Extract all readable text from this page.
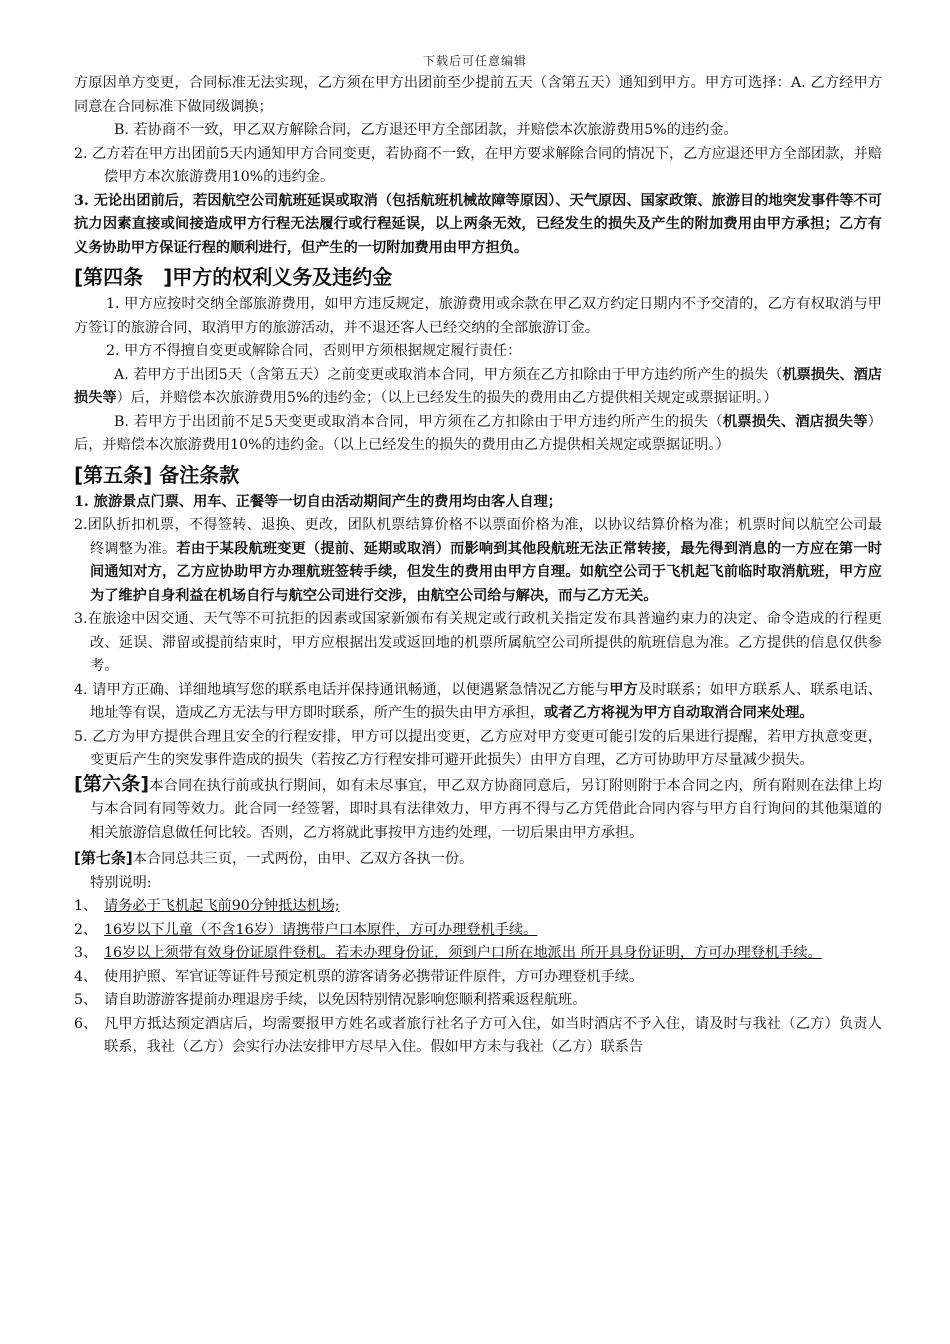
下载后可任意编辑

方原因单方变更，合同标准无法实现，乙方须在甲方出团前至少提前五天（含第五天）通知到甲方。甲方可选择：A. 乙方经甲方同意在合同标准下做同级调换；

B. 若协商不一致，甲乙双方解除合同，乙方退还甲方全部团款，并赔偿本次旅游费用5%的违约金。

2. 乙方若在甲方出团前5天内通知甲方合同变更，若协商不一致，在甲方要求解除合同的情况下，乙方应退还甲方全部团款，并赔偿甲方本次旅游费用10%的违约金。

3. 无论出团前后，若因航空公司航班延误或取消（包括航班机械故障等原因）、天气原因、国家政策、旅游目的地突发事件等不可抗力因素直接或间接造成甲方行程无法履行或行程延误，以上两条无效，已经发生的损失及产生的附加费用由甲方承担；乙方有义务协助甲方保证行程的顺利进行，但产生的一切附加费用由甲方担负。

[第四条　]甲方的权利义务及违约金

1. 甲方应按时交纳全部旅游费用，如甲方违反规定，旅游费用或余款在甲乙双方约定日期内不予交清的，乙方有权取消与甲方签订的旅游合同，取消甲方的旅游活动，并不退还客人已经交纳的全部旅游订金。

2. 甲方不得擅自变更或解除合同，否则甲方须根据规定履行责任：

A. 若甲方于出团5天（含第五天）之前变更或取消本合同，甲方须在乙方扣除由于甲方违约所产生的损失（机票损失、酒店损失等）后，并赔偿本次旅游费用5%的违约金；（以上已经发生的损失的费用由乙方提供相关规定或票据证明。）

B. 若甲方于出团前不足5天变更或取消本合同，甲方须在乙方扣除由于甲方违约所产生的损失（机票损失、酒店损失等）后，并赔偿本次旅游费用10%的违约金。（以上已经发生的损失的费用由乙方提供相关规定或票据证明。）

[第五条] 备注条款

1. 旅游景点门票、用车、正餐等一切自由活动期间产生的费用均由客人自理；

2.团队折扣机票，不得签转、退换、更改，团队机票结算价格不以票面价格为准，以协议结算价格为准；机票时间以航空公司最终调整为准。若由于某段航班变更（提前、延期或取消）而影响到其他段航班无法正常转接，最先得到消息的一方应在第一时间通知对方，乙方应协助甲方办理航班签转手续，但发生的费用由甲方自理。如航空公司于飞机起飞前临时取消航班，甲方应为了维护自身利益在机场自行与航空公司进行交涉，由航空公司给与解决，而与乙方无关。

3.在旅途中因交通、天气等不可抗拒的因素或国家新颁布有关规定或行政机关指定发布具普遍约束力的决定、命令造成的行程更改、延误、滞留或提前结束时，甲方应根据出发或返回地的机票所属航空公司所提供的航班信息为准。乙方提供的信息仅供参考。

4. 请甲方正确、详细地填写您的联系电话并保持通讯畅通，以便遇紧急情况乙方能与甲方及时联系；如甲方联系人、联系电话、地址等有误，造成乙方无法与甲方即时联系，所产生的损失由甲方承担，或者乙方将视为甲方自动取消合同来处理。

5. 乙方为甲方提供合理且安全的行程安排，甲方可以提出变更，乙方应对甲方变更可能引发的后果进行提醒，若甲方执意变更，变更后产生的突发事件造成的损失（若按乙方行程安排可避开此损失）由甲方自理，乙方可协助甲方尽量减少损失。

[第六条]本合同在执行前或执行期间，如有未尽事宜，甲乙双方协商同意后，另订附则附于本合同之内，所有附则在法律上均与本合同有同等效力。此合同一经签署，即时具有法律效力，甲方再不得与乙方凭借此合同内容与甲方自行询问的其他渠道的相关旅游信息做任何比较。否则，乙方将就此事按甲方违约处理，一切后果由甲方承担。

[第七条]本合同总共三页，一式两份，由甲、乙双方各执一份。

特别说明:

1、 请务必于飞机起飞前90分钟抵达机场;
2、 16岁以下儿童（不含16岁）请携带户口本原件，方可办理登机手续。
3、 16岁以上须带有效身份证原件登机。若未办理身份证，须到户口所在地派出 所开具身份证明，方可办理登机手续。
4、 使用护照、军官证等证件号预定机票的游客请务必携带证件原件，方可办理登机手续。
5、 请自助游游客提前办理退房手续，以免因特别情况影响您顺利搭乘返程航班。
6、 凡甲方抵达预定酒店后，均需要报甲方姓名或者旅行社名子方可入住，如当时酒店不予入住，请及时与我社（乙方）负责人联系，我社（乙方）会实行办法安排甲方尽早入住。假如甲方未与我社（乙方）联系告
